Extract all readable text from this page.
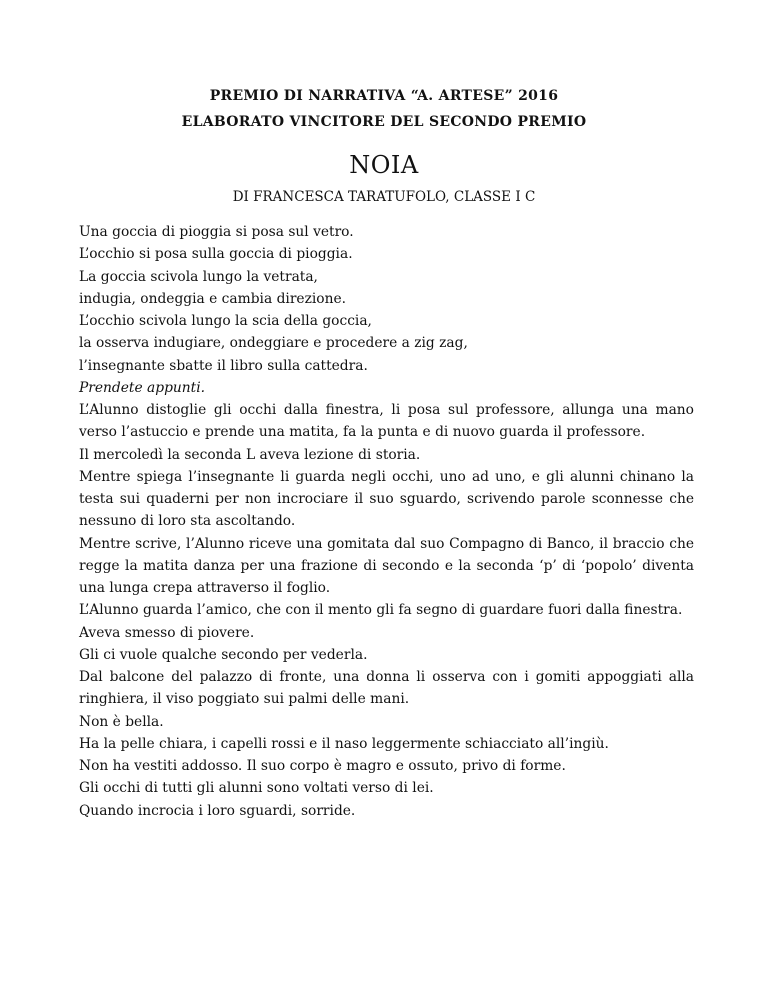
PREMIO DI NARRATIVA “A. ARTESE” 2016
ELABORATO VINCITORE DEL SECONDO PREMIO
NOIA
DI FRANCESCA TARATUFOLO, CLASSE I C

Una goccia di pioggia si posa sul vetro.

L’occhio si posa sulla goccia di pioggia.

La goccia scivola lungo la vetrata,

indugia, ondeggia e cambia direzione.

L’occhio scivola lungo la scia della goccia,

la osserva indugiare, ondeggiare e procedere a zig zag,

l’insegnante sbatte il libro sulla cattedra.

Prendete appunti.

L’Alunno distoglie gli occhi dalla finestra, li posa sul professore, allunga una mano verso l’astuccio e prende una matita, fa la punta e di nuovo guarda il professore.

Il mercoledì la seconda L aveva lezione di storia.

Mentre spiega l’insegnante li guarda negli occhi, uno ad uno, e gli alunni chinano la testa sui quaderni per non incrociare il suo sguardo, scrivendo parole sconnesse che nessuno di loro sta ascoltando.

Mentre scrive, l’Alunno riceve una gomitata dal suo Compagno di Banco, il braccio che regge la matita danza per una frazione di secondo e la seconda ‘p’ di ‘popolo’ diventa una lunga crepa attraverso il foglio.

L’Alunno guarda l’amico, che con il mento gli fa segno di guardare fuori dalla finestra.

Aveva smesso di piovere.

Gli ci vuole qualche secondo per vederla.

Dal balcone del palazzo di fronte, una donna li osserva con i gomiti appoggiati alla ringhiera, il viso poggiato sui palmi delle mani.

Non è bella.

Ha la pelle chiara, i capelli rossi e il naso leggermente schiacciato all’ingiù.

Non ha vestiti addosso. Il suo corpo è magro e ossuto, privo di forme.

Gli occhi di tutti gli alunni sono voltati verso di lei.

Quando incrocia i loro sguardi, sorride.
